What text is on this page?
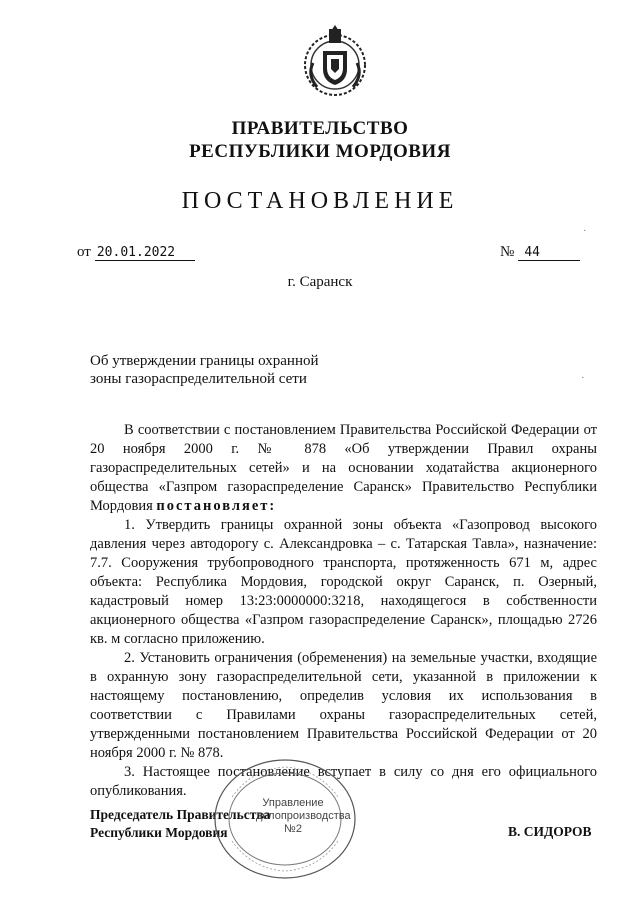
ПРАВИТЕЛЬСТВО
РЕСПУБЛИКИ МОРДОВИЯ
ПОСТАНОВЛЕНИЕ
от 20.01.2022	№ 44
г. Саранск
Об утверждении границы охранной
зоны газораспределительной сети

В соответствии с постановлением Правительства Российской Федерации от 20 ноября 2000 г. № 878 «Об утверждении Правил охраны газораспределительных сетей» и на основании ходатайства акционерного общества «Газпром газораспределение Саранск» Правительство Республики Мордовия постановляет:

1. Утвердить границы охранной зоны объекта «Газопровод высокого давления через автодорогу с. Александровка – с. Татарская Тавла», назначение: 7.7. Сооружения трубопроводного транспорта, протяженность 671 м, адрес объекта: Республика Мордовия, городской округ Саранск, п. Озерный, кадастровый номер 13:23:0000000:3218, находящегося в собственности акционерного общества «Газпром газораспределение Саранск», площадью 2726 кв. м согласно приложению.

2. Установить ограничения (обременения) на земельные участки, входящие в охранную зону газораспределительной сети, указанной в приложении к настоящему постановлению, определив условия их использования в соответствии с Правилами охраны газораспределительных сетей, утвержденными постановлением Правительства Российской Федерации от 20 ноября 2000 г. № 878.

3. Настоящее постановление вступает в силу со дня его официального опубликования.

Председатель Правительства
Республики Мордовия	В. СИДОРОВ
Управление
делопроизводства
№2
·
·
